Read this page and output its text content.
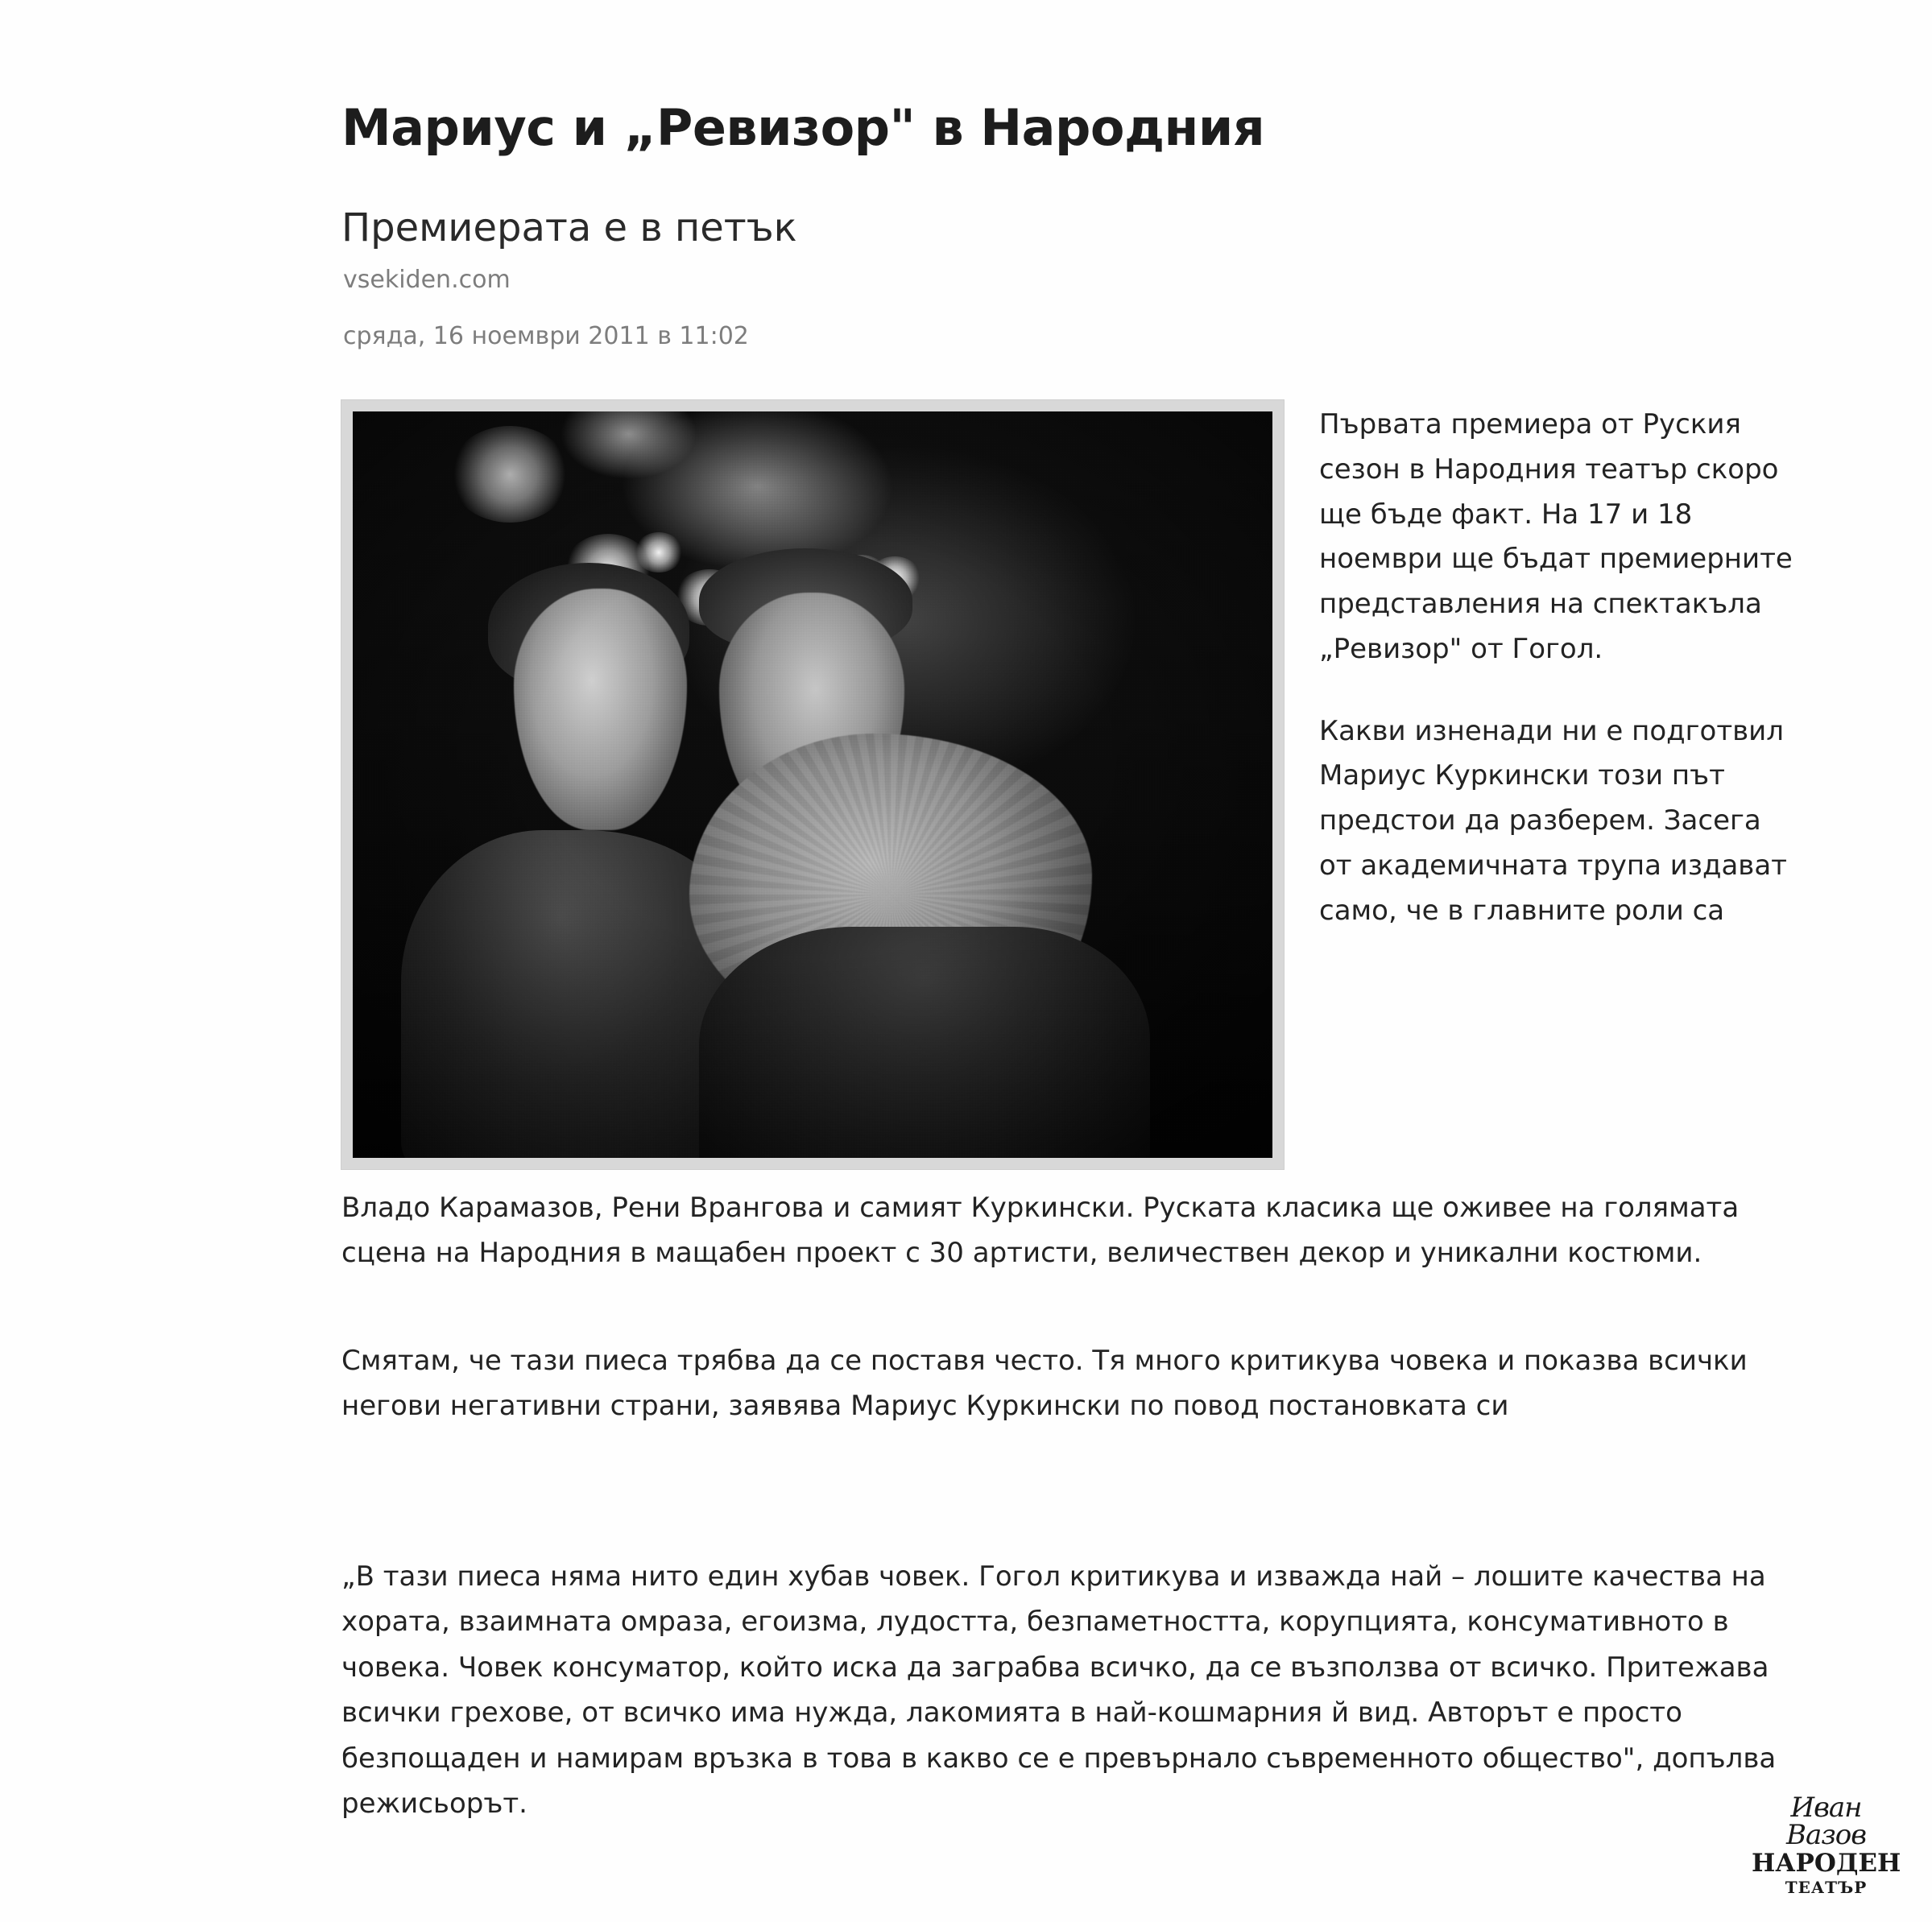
Мариус и „Ревизор" в Народния
Премиерата е в петък
vsekiden.com
сряда, 16 ноември 2011 в 11:02

Първата премиера от Руския сезон в Народния театър скоро ще бъде факт. На 17 и 18 ноември ще бъдат премиерните представления на спектакъла „Ревизор" от Гогол.

Какви изненади ни е подготвил Мариус Куркински този път предстои да разберем. Засега от академичната трупа издават само, че в главните роли са

Владо Карамазов, Рени Врангова и самият Куркински. Руската класика ще оживее на голямата сцена на Народния в мащабен проект с 30 артисти, величествен декор и уникални костюми.

Смятам, че тази пиеса трябва да се поставя често. Тя много критикува човека и показва всички негови негативни страни, заявява Мариус Куркински по повод постановката си

„В тази пиеса няма нито един хубав човек. Гогол критикува и изважда най – лошите качества на хората, взаимната омраза, егоизма, лудостта, безпаметността, корупцията, консумативното в човека. Човек консуматор, който иска да заграбва всичко, да се възползва от всичко. Притежава всички грехове, от всичко има нужда, лакомията в най-кошмарния й вид. Авторът е просто безпощаден и намирам връзка в това в какво се е превърнало съвременното общество", допълва режисьорът.	Иван Вазов
НАРОДЕН
ТЕАТЪР
